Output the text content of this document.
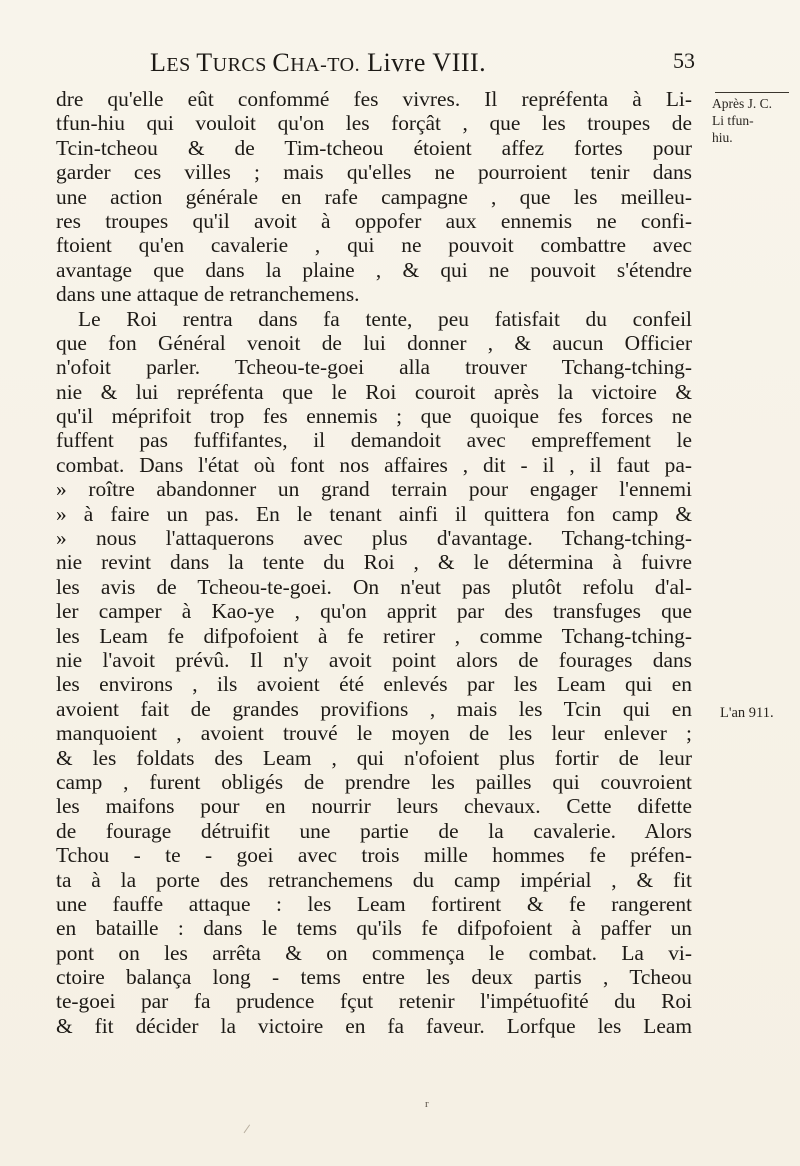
LES TURCS CHA-TO. Livre VIII.	53
Après J. C.
Li tfun-
hiu.
L'an 911.
dre qu'elle eût confommé fes vivres. Il repréfenta à Li-
tfun-hiu qui vouloit qu'on les forçât , que les troupes de
Tcin-tcheou & de Tim-tcheou étoient affez fortes pour
garder ces villes ; mais qu'elles ne pourroient tenir dans
une action générale en rafe campagne , que les meilleu-
res troupes qu'il avoit à oppofer aux ennemis ne confi-
ftoient qu'en cavalerie , qui ne pouvoit combattre avec
avantage que dans la plaine , & qui ne pouvoit s'étendre
dans une attaque de retranchemens.
Le Roi rentra dans fa tente, peu fatisfait du confeil
que fon Général venoit de lui donner , & aucun Officier
n'ofoit parler. Tcheou-te-goei alla trouver Tchang-tching-
nie & lui repréfenta que le Roi couroit après la victoire &
qu'il méprifoit trop fes ennemis ; que quoique fes forces ne
fuffent pas fuffifantes, il demandoit avec empreffement le
combat. Dans l'état où font nos affaires , dit - il , il faut pa-
» roître abandonner un grand terrain pour engager l'ennemi
» à faire un pas. En le tenant ainfi il quittera fon camp &
» nous l'attaquerons avec plus d'avantage. Tchang-tching-
nie revint dans la tente du Roi , & le détermina à fuivre
les avis de Tcheou-te-goei. On n'eut pas plutôt refolu d'al-
ler camper à Kao-ye , qu'on apprit par des transfuges que
les Leam fe difpofoient à fe retirer , comme Tchang-tching-
nie l'avoit prévû. Il n'y avoit point alors de fourages dans
les environs , ils avoient été enlevés par les Leam qui en
avoient fait de grandes provifions , mais les Tcin qui en
manquoient , avoient trouvé le moyen de les leur enlever ;
& les foldats des Leam , qui n'ofoient plus fortir de leur
camp , furent obligés de prendre les pailles qui couvroient
les maifons pour en nourrir leurs chevaux. Cette difette
de fourage détruifit une partie de la cavalerie. Alors
Tchou - te - goei avec trois mille hommes fe préfen-
ta à la porte des retranchemens du camp impérial , & fit
une fauffe attaque : les Leam fortirent & fe rangerent
en bataille : dans le tems qu'ils fe difpofoient à paffer un
pont on les arrêta & on commença le combat. La vi-
ctoire balança long - tems entre les deux partis , Tcheou
te-goei par fa prudence fçut retenir l'impétuofité du Roi
& fit décider la victoire en fa faveur. Lorfque les Leam
r
